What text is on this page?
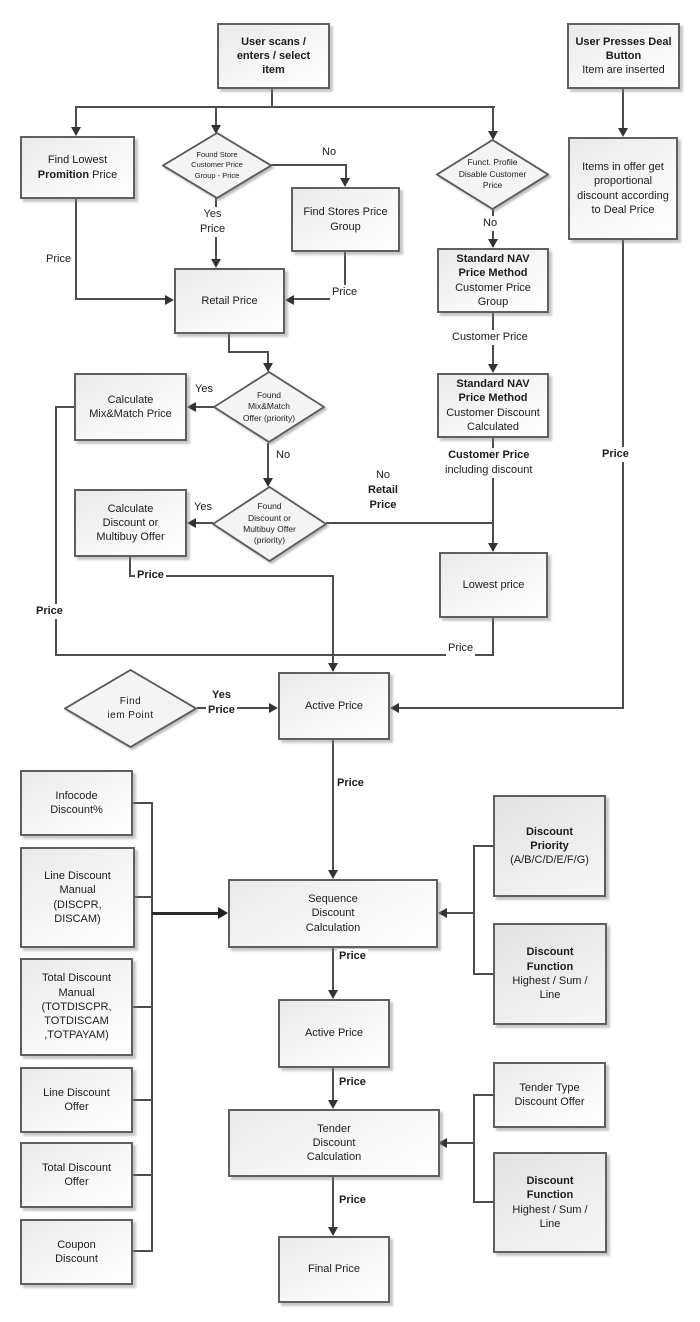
User scans /
enters / select
item
User Presses Deal
Button
Item are inserted
Find Lowest
Promition Price
Find Stores Price
Group
Retail Price
Items in offer get
proportional
discount according
to Deal Price
Standard NAV
Price Method
Customer Price
Group
Standard NAV
Price Method
Customer Discount
Calculated
Calculate
Mix&Match Price
Calculate
Discount or
Multibuy Offer
Lowest price
Active Price
Infocode
Discount%
Line Discount
Manual
(DISCPR,
DISCAM)
Total Discount
Manual
(TOTDISCPR,
TOTDISCAM
,TOTPAYAM)
Line Discount
Offer
Total Discount
Offer
Coupon
Discount
Sequence
Discount
Calculation
Active Price
Tender
Discount
Calculation
Final Price
Discount
Priority
(A/B/C/D/E/F/G)
Discount
Function
Highest / Sum /
Line
Tender Type
Discount Offer
Discount
Function
Highest / Sum /
Line
Found Store
Customer Price
Group - Price
Funct. Profile
Disable Customer
Price
Found
Mix&Match
Offer (priority)
Found
Discount or
Multibuy Offer
(priority)
Find
iem Point
No
Yes
Price
Price
Price
No
Customer Price
Customer Price
including discount
Yes
No
Yes
No
Retail
Price
Price
Price
Price
Price
Yes
Price
Price
Price
Price
Price
